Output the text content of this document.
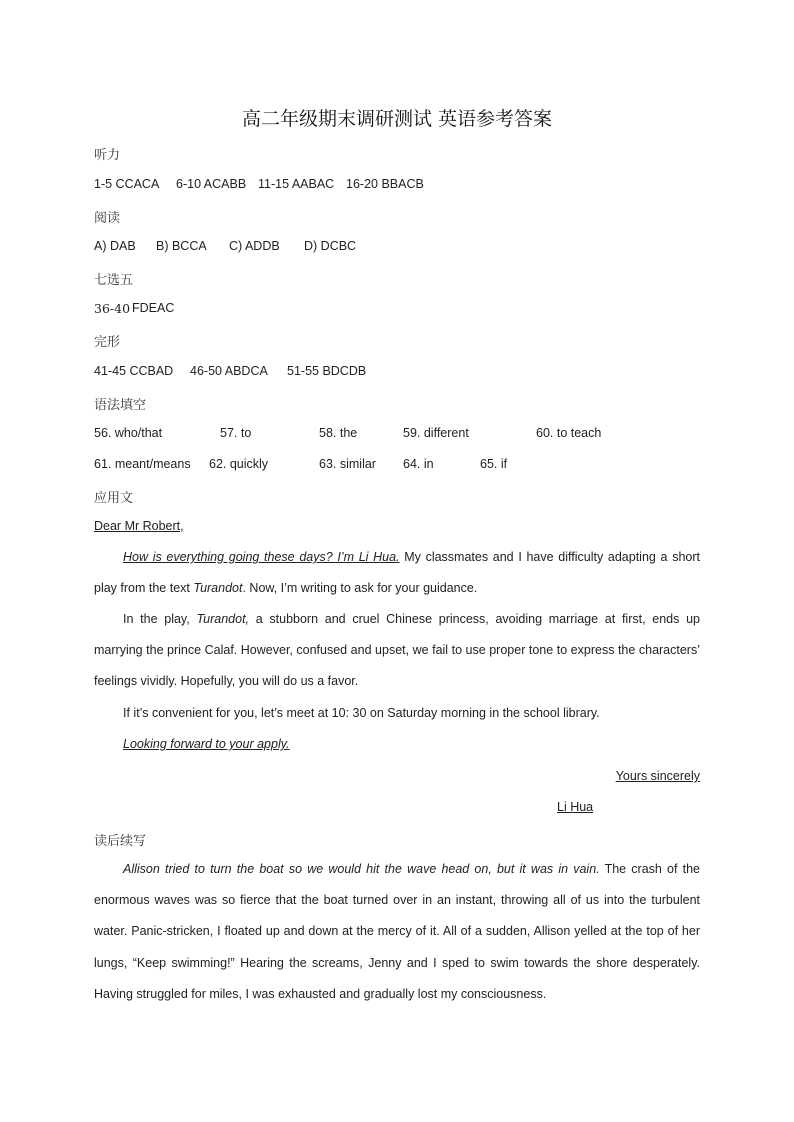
高二年级期末调研测试 英语参考答案
听力
1-5 CCACA 6-10 ACABB 11-15 AABAC 16-20 BBACB
阅读
A) DAB B) BCCA C) ADDB D) DCBC
七选五
36-40 FDEAC
完形
41-45 CCBAD 46-50 ABDCA 51-55 BDCDB
语法填空
56. who/that	57. to	58. the	59. different	60. to teach
61. meant/means 62. quickly	63. similar 64. in	65. if
应用文
Dear Mr Robert,
How is everything going these days? I’m Li Hua. My classmates and I have difficulty adapting a short play from the text Turandot. Now, I’m writing to ask for your guidance.
In the play, Turandot, a stubborn and cruel Chinese princess, avoiding marriage at first, ends up marrying the prince Calaf. However, confused and upset, we fail to use proper tone to express the characters’ feelings vividly. Hopefully, you will do us a favor.
If it’s convenient for you, let’s meet at 10: 30 on Saturday morning in the school library.
Looking forward to your apply.
Yours sincerely
Li Hua
读后续写
Allison tried to turn the boat so we would hit the wave head on, but it was in vain. The crash of the enormous waves was so fierce that the boat turned over in an instant, throwing all of us into the turbulent water. Panic-stricken, I floated up and down at the mercy of it. All of a sudden, Allison yelled at the top of her lungs, “Keep swimming!” Hearing the screams, Jenny and I sped to swim towards the shore desperately. Having struggled for miles, I was exhausted and gradually lost my consciousness.
